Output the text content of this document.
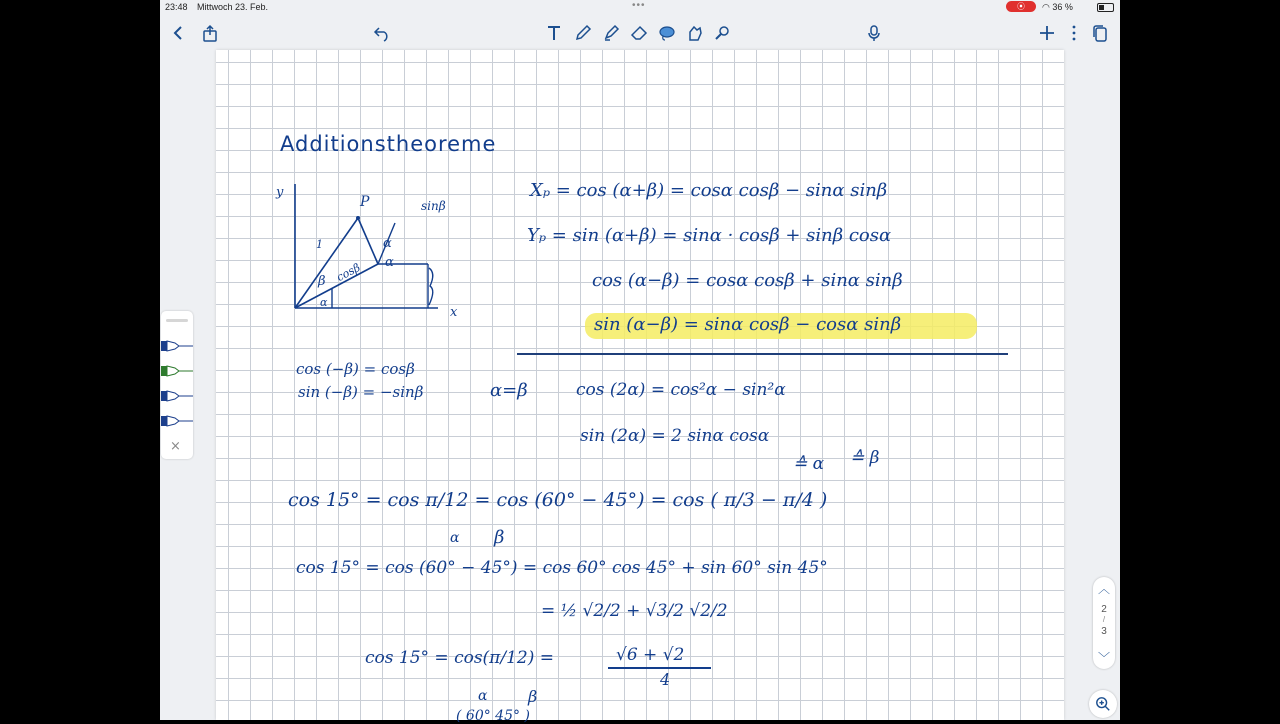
23:48 Mittwoch 23. Feb.	•••	⦿	◠ 36 %
Additionstheoreme
y
x
P
1
sinβ
cosβ
β
α
α
α
Xₚ = cos (α+β) = cosα cosβ − sinα sinβ
Yₚ = sin (α+β) = sinα · cosβ + sinβ cosα
cos (α−β) = cosα cosβ + sinα sinβ
sin (α−β) = sinα cosβ − cosα sinβ
cos (−β) = cosβ
sin (−β) = −sinβ	α=β	cos (2α) = cos²α − sin²α
sin (2α) = 2 sinα cosα
≙ α ≙ β
cos 15° = cos π/12 = cos (60° − 45°) = cos ( π/3 − π/4 )
α β
cos 15° = cos (60° − 45°) = cos 60° cos 45° + sin 60° sin 45°
= ½ √2/2 + √3/2 √2/2
cos 15° = cos(π/12) =	√6 + √2
4
α	β
( 60° 45° )
×
︿
2
/
3
﹀
